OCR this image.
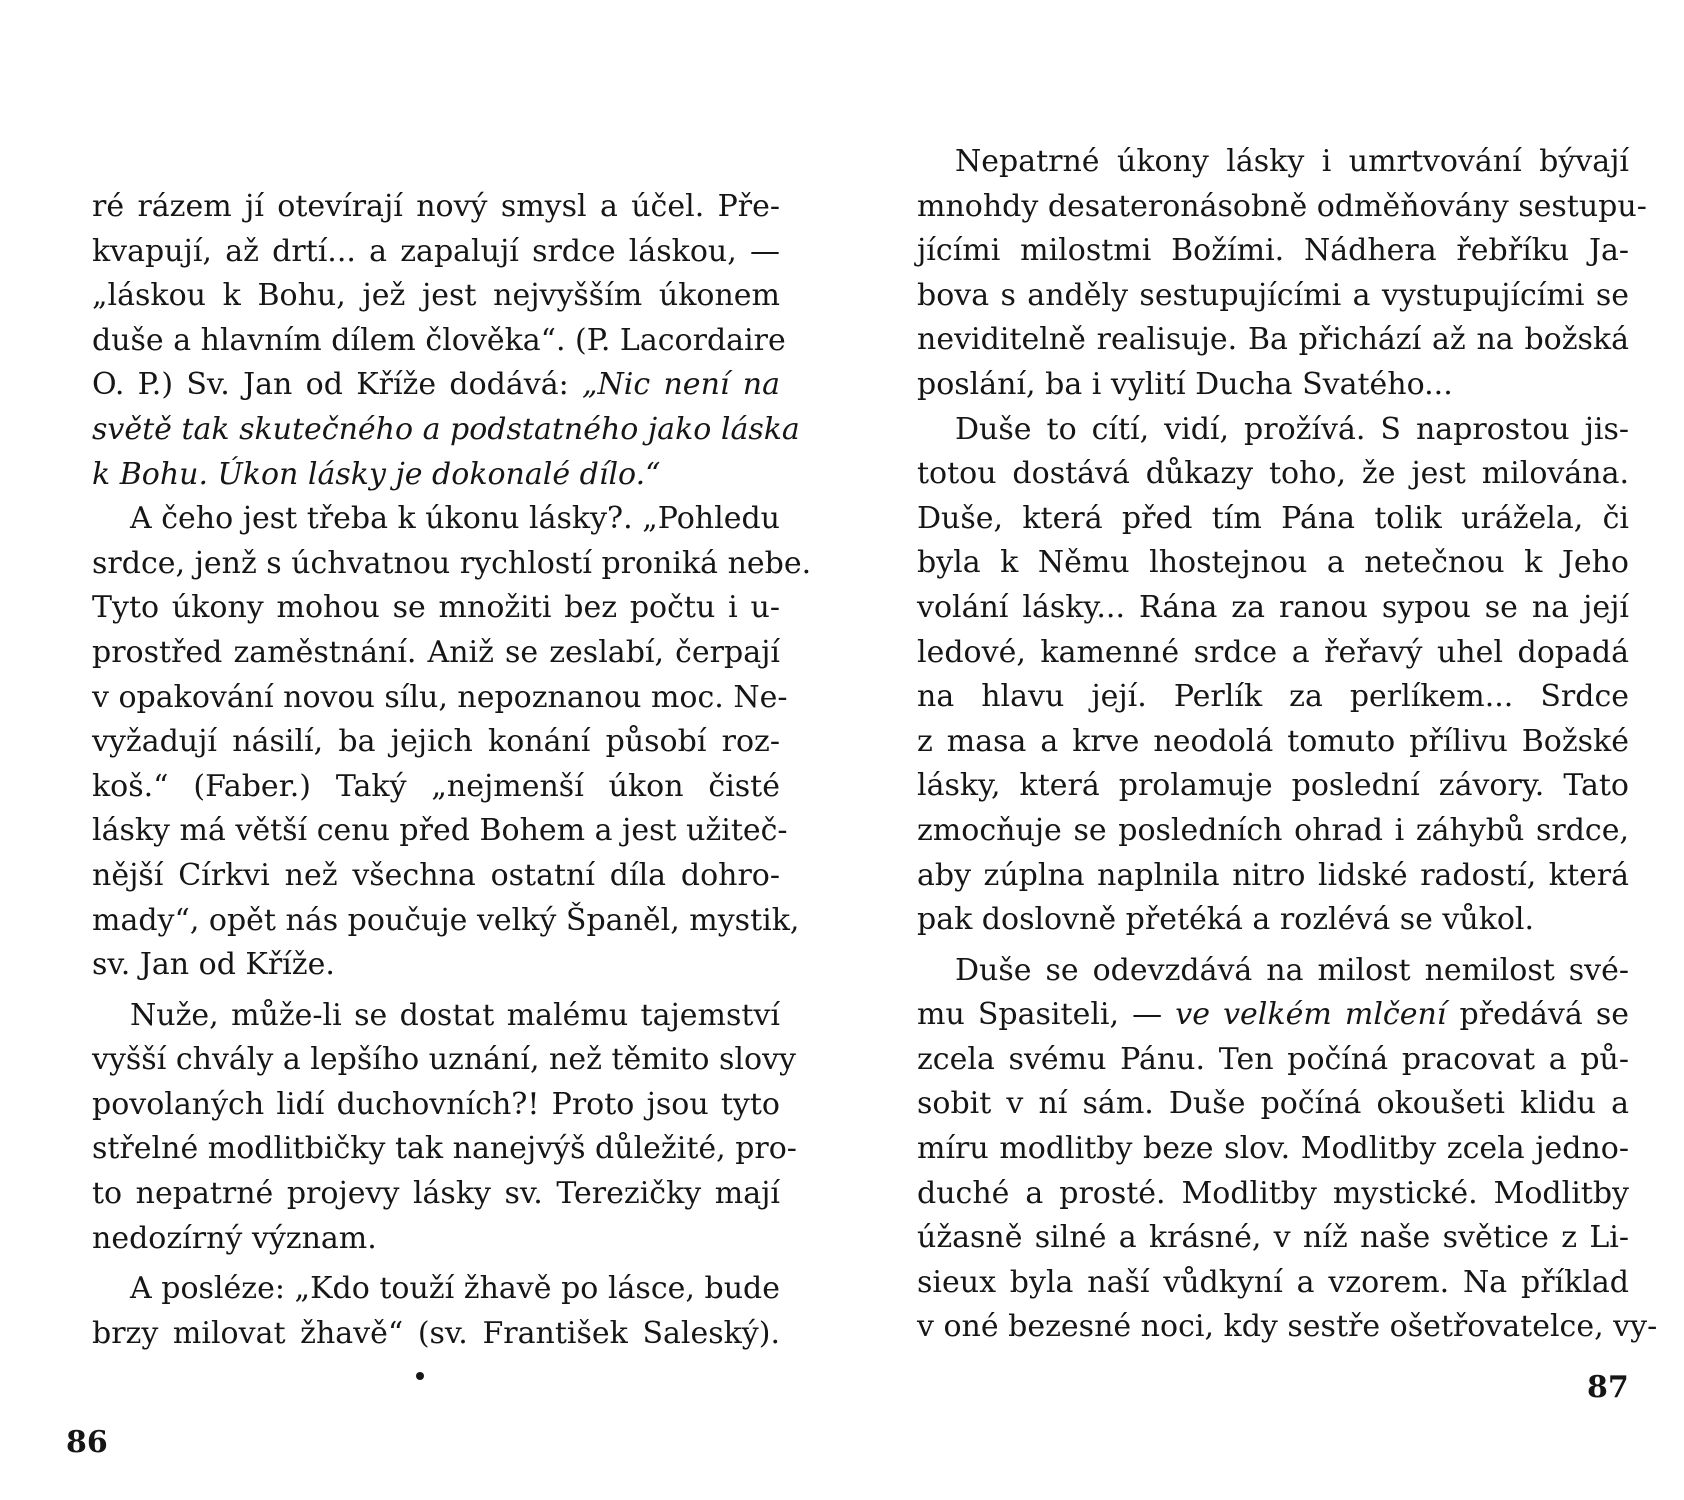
ré rázem jí otevírají nový smysl a účel. Pře-
kvapují, až drtí... a zapalují srdce láskou, —
„láskou k Bohu, jež jest nejvyšším úkonem
duše a hlavním dílem člověka“. (P. Lacordaire
O. P.) Sv. Jan od Kříže dodává: „Nic není na
světě tak skutečného a podstatného jako láska
k Bohu. Úkon lásky je dokonalé dílo.“
A čeho jest třeba k úkonu lásky?. „Pohledu
srdce, jenž s úchvatnou rychlostí proniká nebe.
Tyto úkony mohou se množiti bez počtu i u-
prostřed zaměstnání. Aniž se zeslabí, čerpají
v opakování novou sílu, nepoznanou moc. Ne-
vyžadují násilí, ba jejich konání působí roz-
koš.“ (Faber.) Taký „nejmenší úkon čisté
lásky má větší cenu před Bohem a jest užiteč-
nější Církvi než všechna ostatní díla dohro-
mady“, opět nás poučuje velký Španěl, mystik,
sv. Jan od Kříže.
Nuže, může-li se dostat malému tajemství
vyšší chvály a lepšího uznání, než těmito slovy
povolaných lidí duchovních?! Proto jsou tyto
střelné modlitbičky tak nanejvýš důležité, pro-
to nepatrné projevy lásky sv. Terezičky mají
nedozírný význam.
A posléze: „Kdo touží žhavě po lásce, bude
brzy milovat žhavě“ (sv. František Saleský).
86
Nepatrné úkony lásky i umrtvování bývají
mnohdy desateronásobně odměňovány sestupu-
jícími milostmi Božími. Nádhera řebříku Ja-
bova s anděly sestupujícími a vystupujícími se
neviditelně realisuje. Ba přichází až na božská
poslání, ba i vylití Ducha Svatého...
Duše to cítí, vidí, prožívá. S naprostou jis-
totou dostává důkazy toho, že jest milována.
Duše, která před tím Pána tolik urážela, či
byla k Němu lhostejnou a netečnou k Jeho
volání lásky... Rána za ranou sypou se na její
ledové, kamenné srdce a řeřavý uhel dopadá
na hlavu její. Perlík za perlíkem... Srdce
z masa a krve neodolá tomuto přílivu Božské
lásky, která prolamuje poslední závory. Tato
zmocňuje se posledních ohrad i záhybů srdce,
aby zúplna naplnila nitro lidské radostí, která
pak doslovně přetéká a rozlévá se vůkol.
Duše se odevzdává na milost nemilost své-
mu Spasiteli, — ve velkém mlčení předává se
zcela svému Pánu. Ten počíná pracovat a pů-
sobit v ní sám. Duše počíná okoušeti klidu a
míru modlitby beze slov. Modlitby zcela jedno-
duché a prosté. Modlitby mystické. Modlitby
úžasně silné a krásné, v níž naše světice z Li-
sieux byla naší vůdkyní a vzorem. Na příklad
v oné bezesné noci, kdy sestře ošetřovatelce, vy-
87
